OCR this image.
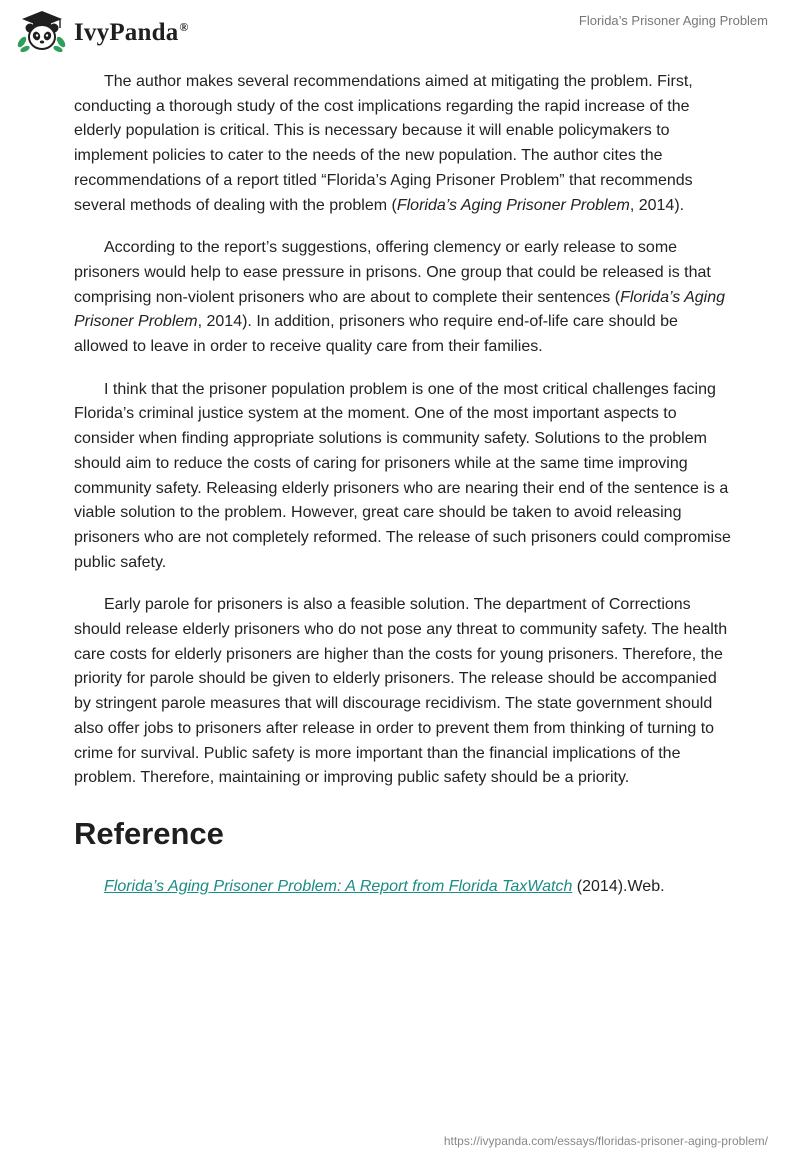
IvyPanda®	Florida’s Prisoner Aging Problem

The author makes several recommendations aimed at mitigating the problem. First, conducting a thorough study of the cost implications regarding the rapid increase of the elderly population is critical. This is necessary because it will enable policymakers to implement policies to cater to the needs of the new population. The author cites the recommendations of a report titled “Florida’s Aging Prisoner Problem” that recommends several methods of dealing with the problem (Florida’s Aging Prisoner Problem, 2014).

According to the report’s suggestions, offering clemency or early release to some prisoners would help to ease pressure in prisons. One group that could be released is that comprising non-violent prisoners who are about to complete their sentences (Florida’s Aging Prisoner Problem, 2014). In addition, prisoners who require end-of-life care should be allowed to leave in order to receive quality care from their families.

I think that the prisoner population problem is one of the most critical challenges facing Florida’s criminal justice system at the moment. One of the most important aspects to consider when finding appropriate solutions is community safety. Solutions to the problem should aim to reduce the costs of caring for prisoners while at the same time improving community safety. Releasing elderly prisoners who are nearing their end of the sentence is a viable solution to the problem. However, great care should be taken to avoid releasing prisoners who are not completely reformed. The release of such prisoners could compromise public safety.

Early parole for prisoners is also a feasible solution. The department of Corrections should release elderly prisoners who do not pose any threat to community safety. The health care costs for elderly prisoners are higher than the costs for young prisoners. Therefore, the priority for parole should be given to elderly prisoners. The release should be accompanied by stringent parole measures that will discourage recidivism. The state government should also offer jobs to prisoners after release in order to prevent them from thinking of turning to crime for survival. Public safety is more important than the financial implications of the problem. Therefore, maintaining or improving public safety should be a priority.

Reference

Florida’s Aging Prisoner Problem: A Report from Florida TaxWatch (2014).Web.

https://ivypanda.com/essays/floridas-prisoner-aging-problem/
